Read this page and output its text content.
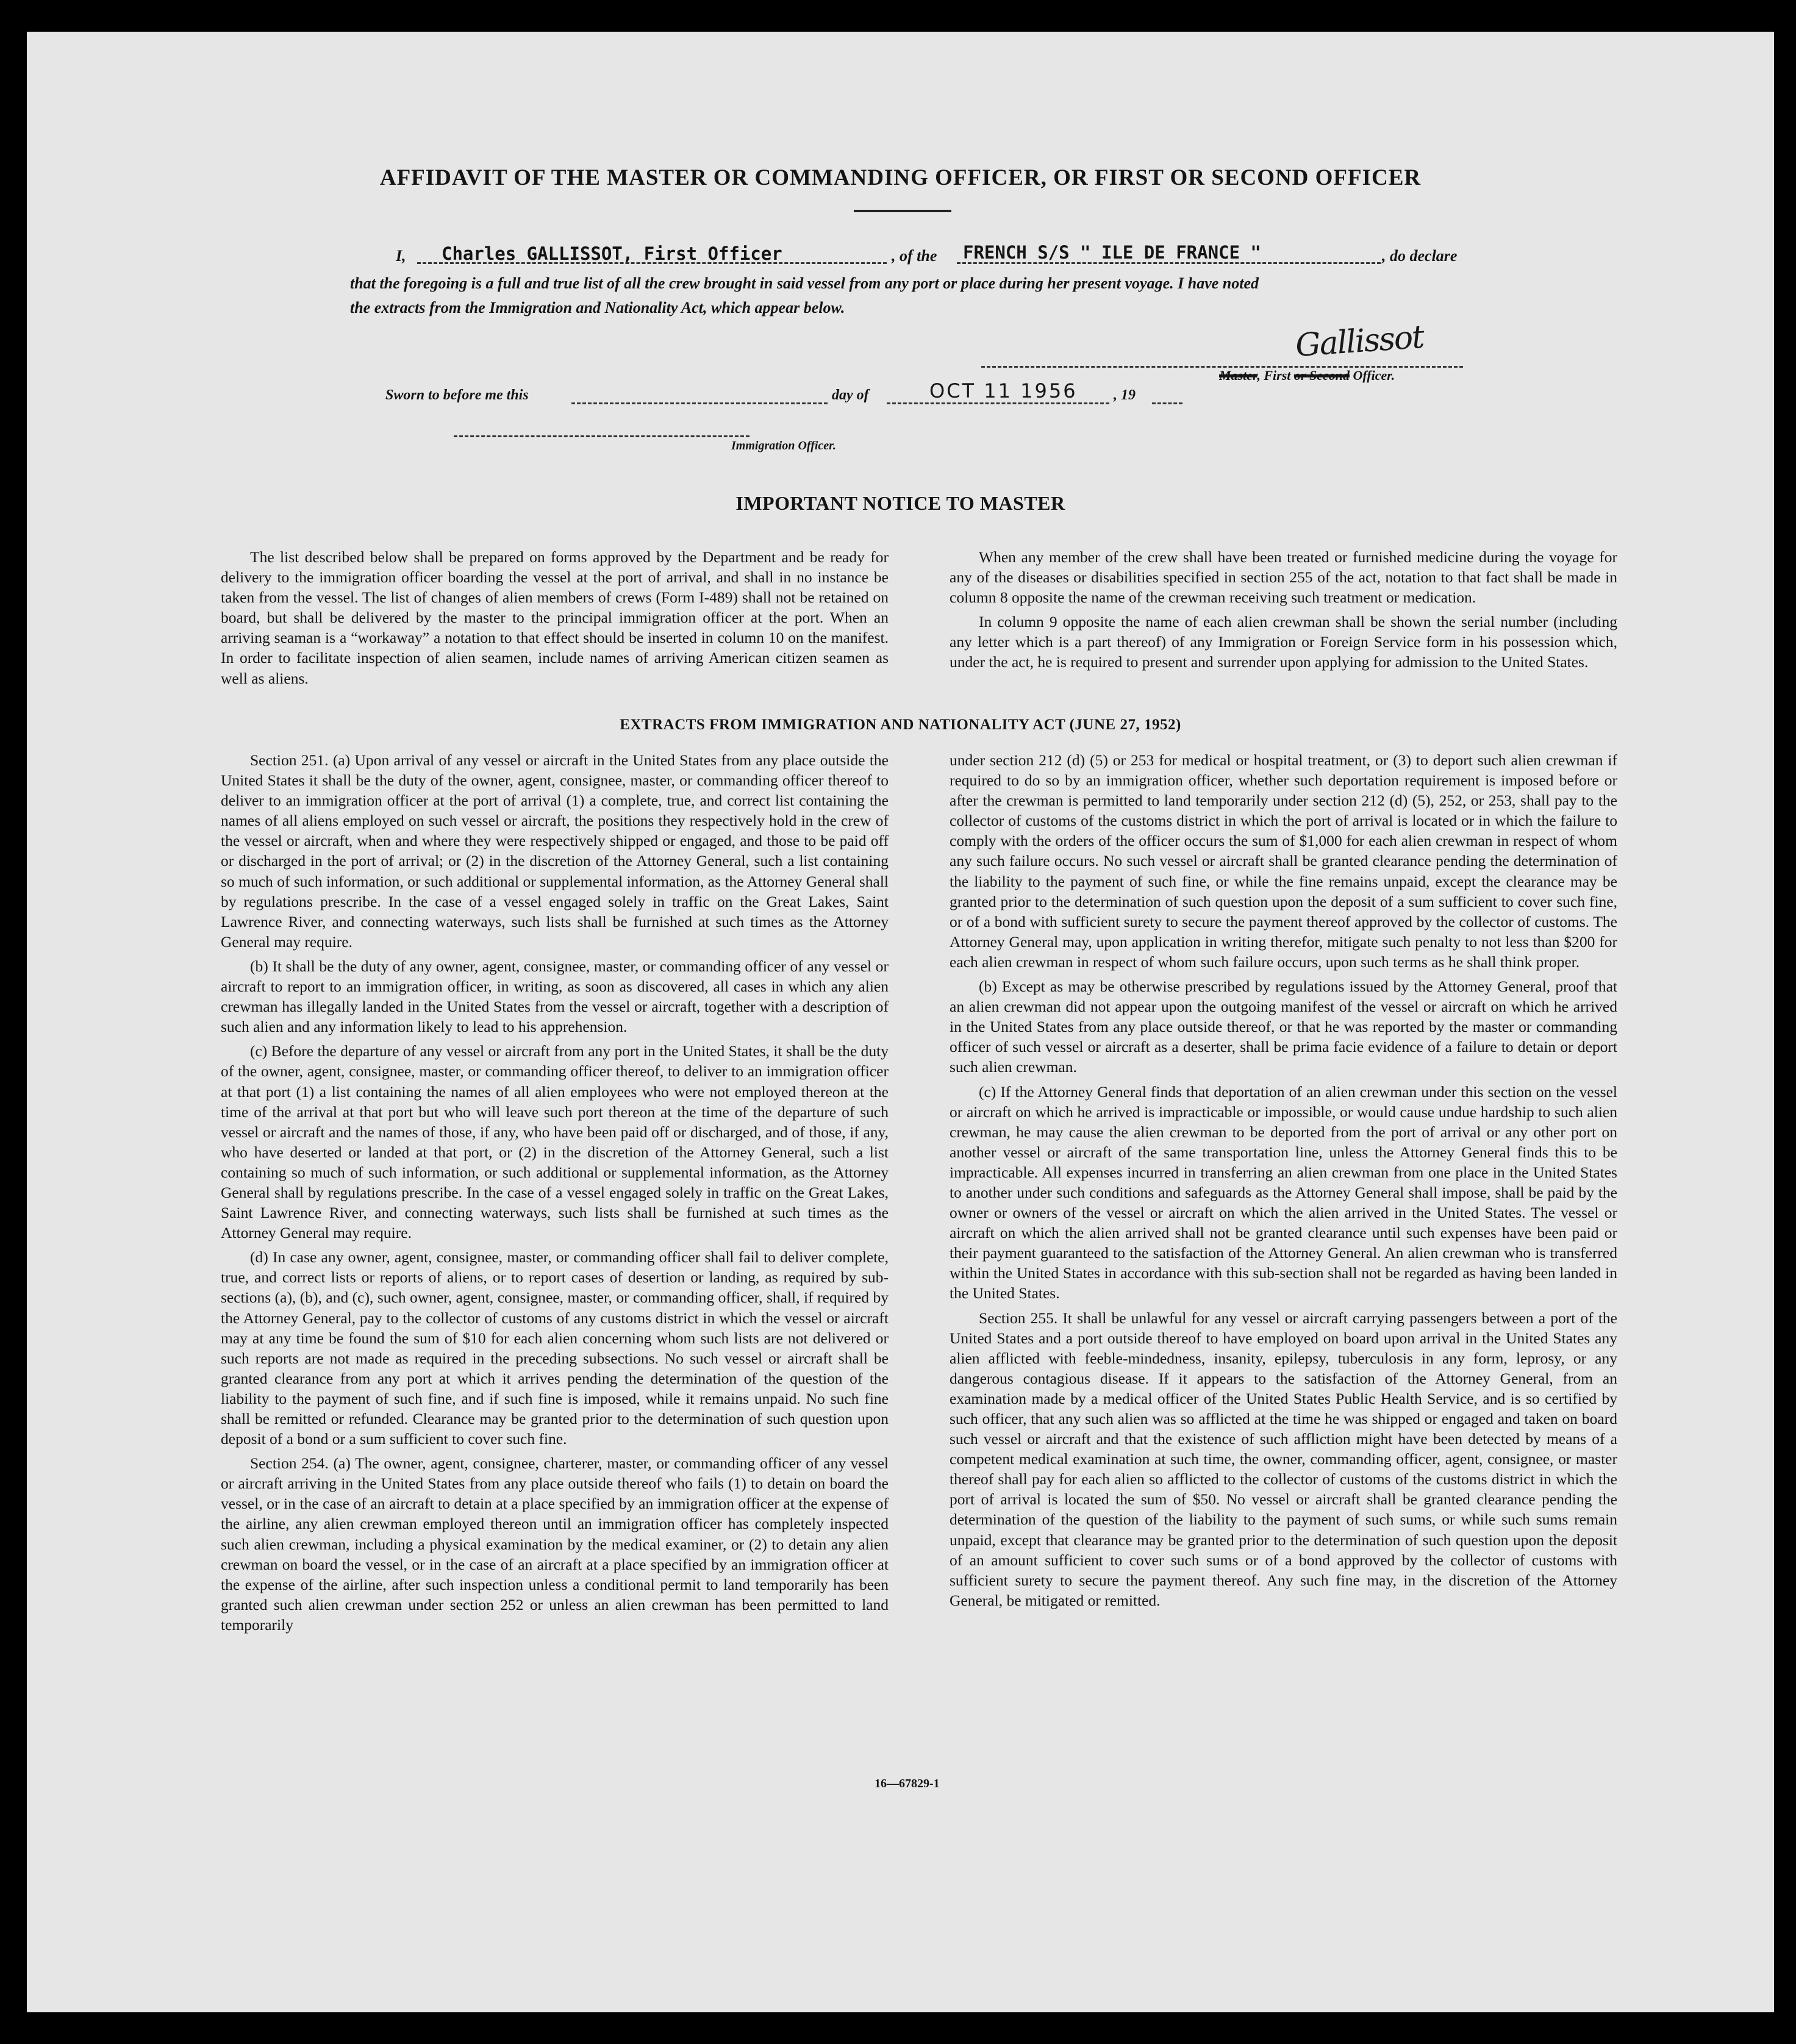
AFFIDAVIT OF THE MASTER OR COMMANDING OFFICER, OR FIRST OR SECOND OFFICER
I, Charles GALLISSOT, First Officer	, of the FRENCH S/S " ILE DE FRANCE "	, do declare
that the foregoing is a full and true list of all the crew brought in said vessel from any port or place during her present voyage. I have noted
the extracts from the Immigration and Nationality Act, which appear below.
Gallissot
Master, First or Second Officer.
Sworn to before me this	day of	OCT 11 1956 , 19
Immigration Officer.
IMPORTANT NOTICE TO MASTER

The list described below shall be prepared on forms approved by the Department and be ready for delivery to the immigration officer boarding the vessel at the port of arrival, and shall in no instance be taken from the vessel. The list of changes of alien members of crews (Form I-489) shall not be retained on board, but shall be delivered by the master to the principal immigration officer at the port. When an arriving seaman is a “workaway” a notation to that effect should be inserted in column 10 on the manifest. In order to facilitate inspection of alien seamen, include names of arriving American citizen seamen as well as aliens.

When any member of the crew shall have been treated or furnished medicine during the voyage for any of the diseases or disabilities specified in section 255 of the act, notation to that fact shall be made in column 8 opposite the name of the crewman receiving such treatment or medication.

In column 9 opposite the name of each alien crewman shall be shown the serial number (including any letter which is a part thereof) of any Immigration or Foreign Service form in his possession which, under the act, he is required to present and surrender upon applying for admission to the United States.

EXTRACTS FROM IMMIGRATION AND NATIONALITY ACT (JUNE 27, 1952)

Section 251. (a) Upon arrival of any vessel or aircraft in the United States from any place outside the United States it shall be the duty of the owner, agent, consignee, master, or commanding officer thereof to deliver to an immigration officer at the port of arrival (1) a complete, true, and correct list containing the names of all aliens employed on such vessel or aircraft, the positions they respectively hold in the crew of the vessel or aircraft, when and where they were respectively shipped or engaged, and those to be paid off or discharged in the port of arrival; or (2) in the discretion of the Attorney General, such a list containing so much of such information, or such additional or supplemental information, as the Attorney General shall by regulations prescribe. In the case of a vessel engaged solely in traffic on the Great Lakes, Saint Lawrence River, and connecting waterways, such lists shall be furnished at such times as the Attorney General may require.

(b) It shall be the duty of any owner, agent, consignee, master, or commanding officer of any vessel or aircraft to report to an immigration officer, in writing, as soon as discovered, all cases in which any alien crewman has illegally landed in the United States from the vessel or aircraft, together with a description of such alien and any information likely to lead to his apprehension.

(c) Before the departure of any vessel or aircraft from any port in the United States, it shall be the duty of the owner, agent, consignee, master, or commanding officer thereof, to deliver to an immigration officer at that port (1) a list containing the names of all alien employees who were not employed thereon at the time of the arrival at that port but who will leave such port thereon at the time of the departure of such vessel or aircraft and the names of those, if any, who have been paid off or discharged, and of those, if any, who have deserted or landed at that port, or (2) in the discretion of the Attorney General, such a list containing so much of such information, or such additional or supplemental information, as the Attorney General shall by regulations prescribe. In the case of a vessel engaged solely in traffic on the Great Lakes, Saint Lawrence River, and connecting waterways, such lists shall be furnished at such times as the Attorney General may require.

(d) In case any owner, agent, consignee, master, or commanding officer shall fail to deliver complete, true, and correct lists or reports of aliens, or to report cases of desertion or landing, as required by sub-sections (a), (b), and (c), such owner, agent, consignee, master, or commanding officer, shall, if required by the Attorney General, pay to the collector of customs of any customs district in which the vessel or aircraft may at any time be found the sum of $10 for each alien concerning whom such lists are not delivered or such reports are not made as required in the preceding subsections. No such vessel or aircraft shall be granted clearance from any port at which it arrives pending the determination of the question of the liability to the payment of such fine, and if such fine is imposed, while it remains unpaid. No such fine shall be remitted or refunded. Clearance may be granted prior to the determination of such question upon deposit of a bond or a sum sufficient to cover such fine.

Section 254. (a) The owner, agent, consignee, charterer, master, or commanding officer of any vessel or aircraft arriving in the United States from any place outside thereof who fails (1) to detain on board the vessel, or in the case of an aircraft to detain at a place specified by an immigration officer at the expense of the airline, any alien crewman employed thereon until an immigration officer has completely inspected such alien crewman, including a physical examination by the medical examiner, or (2) to detain any alien crewman on board the vessel, or in the case of an aircraft at a place specified by an immigration officer at the expense of the airline, after such inspection unless a conditional permit to land temporarily has been granted such alien crewman under section 252 or unless an alien crewman has been permitted to land temporarily

under section 212 (d) (5) or 253 for medical or hospital treatment, or (3) to deport such alien crewman if required to do so by an immigration officer, whether such deportation requirement is imposed before or after the crewman is permitted to land temporarily under section 212 (d) (5), 252, or 253, shall pay to the collector of customs of the customs district in which the port of arrival is located or in which the failure to comply with the orders of the officer occurs the sum of $1,000 for each alien crewman in respect of whom any such failure occurs. No such vessel or aircraft shall be granted clearance pending the determination of the liability to the payment of such fine, or while the fine remains unpaid, except the clearance may be granted prior to the determination of such question upon the deposit of a sum sufficient to cover such fine, or of a bond with sufficient surety to secure the payment thereof approved by the collector of customs. The Attorney General may, upon application in writing therefor, mitigate such penalty to not less than $200 for each alien crewman in respect of whom such failure occurs, upon such terms as he shall think proper.

(b) Except as may be otherwise prescribed by regulations issued by the Attorney General, proof that an alien crewman did not appear upon the outgoing manifest of the vessel or aircraft on which he arrived in the United States from any place outside thereof, or that he was reported by the master or commanding officer of such vessel or aircraft as a deserter, shall be prima facie evidence of a failure to detain or deport such alien crewman.

(c) If the Attorney General finds that deportation of an alien crewman under this section on the vessel or aircraft on which he arrived is impracticable or impossible, or would cause undue hardship to such alien crewman, he may cause the alien crewman to be deported from the port of arrival or any other port on another vessel or aircraft of the same transportation line, unless the Attorney General finds this to be impracticable. All expenses incurred in transferring an alien crewman from one place in the United States to another under such conditions and safeguards as the Attorney General shall impose, shall be paid by the owner or owners of the vessel or aircraft on which the alien arrived in the United States. The vessel or aircraft on which the alien arrived shall not be granted clearance until such expenses have been paid or their payment guaranteed to the satisfaction of the Attorney General. An alien crewman who is transferred within the United States in accordance with this sub-section shall not be regarded as having been landed in the United States.

Section 255. It shall be unlawful for any vessel or aircraft carrying passengers between a port of the United States and a port outside thereof to have employed on board upon arrival in the United States any alien afflicted with feeble-mindedness, insanity, epilepsy, tuberculosis in any form, leprosy, or any dangerous contagious disease. If it appears to the satisfaction of the Attorney General, from an examination made by a medical officer of the United States Public Health Service, and is so certified by such officer, that any such alien was so afflicted at the time he was shipped or engaged and taken on board such vessel or aircraft and that the existence of such affliction might have been detected by means of a competent medical examination at such time, the owner, commanding officer, agent, consignee, or master thereof shall pay for each alien so afflicted to the collector of customs of the customs district in which the port of arrival is located the sum of $50. No vessel or aircraft shall be granted clearance pending the determination of the question of the liability to the payment of such sums, or while such sums remain unpaid, except that clearance may be granted prior to the determination of such question upon the deposit of an amount sufficient to cover such sums or of a bond approved by the collector of customs with sufficient surety to secure the payment thereof. Any such fine may, in the discretion of the Attorney General, be mitigated or remitted.

16—67829-1
